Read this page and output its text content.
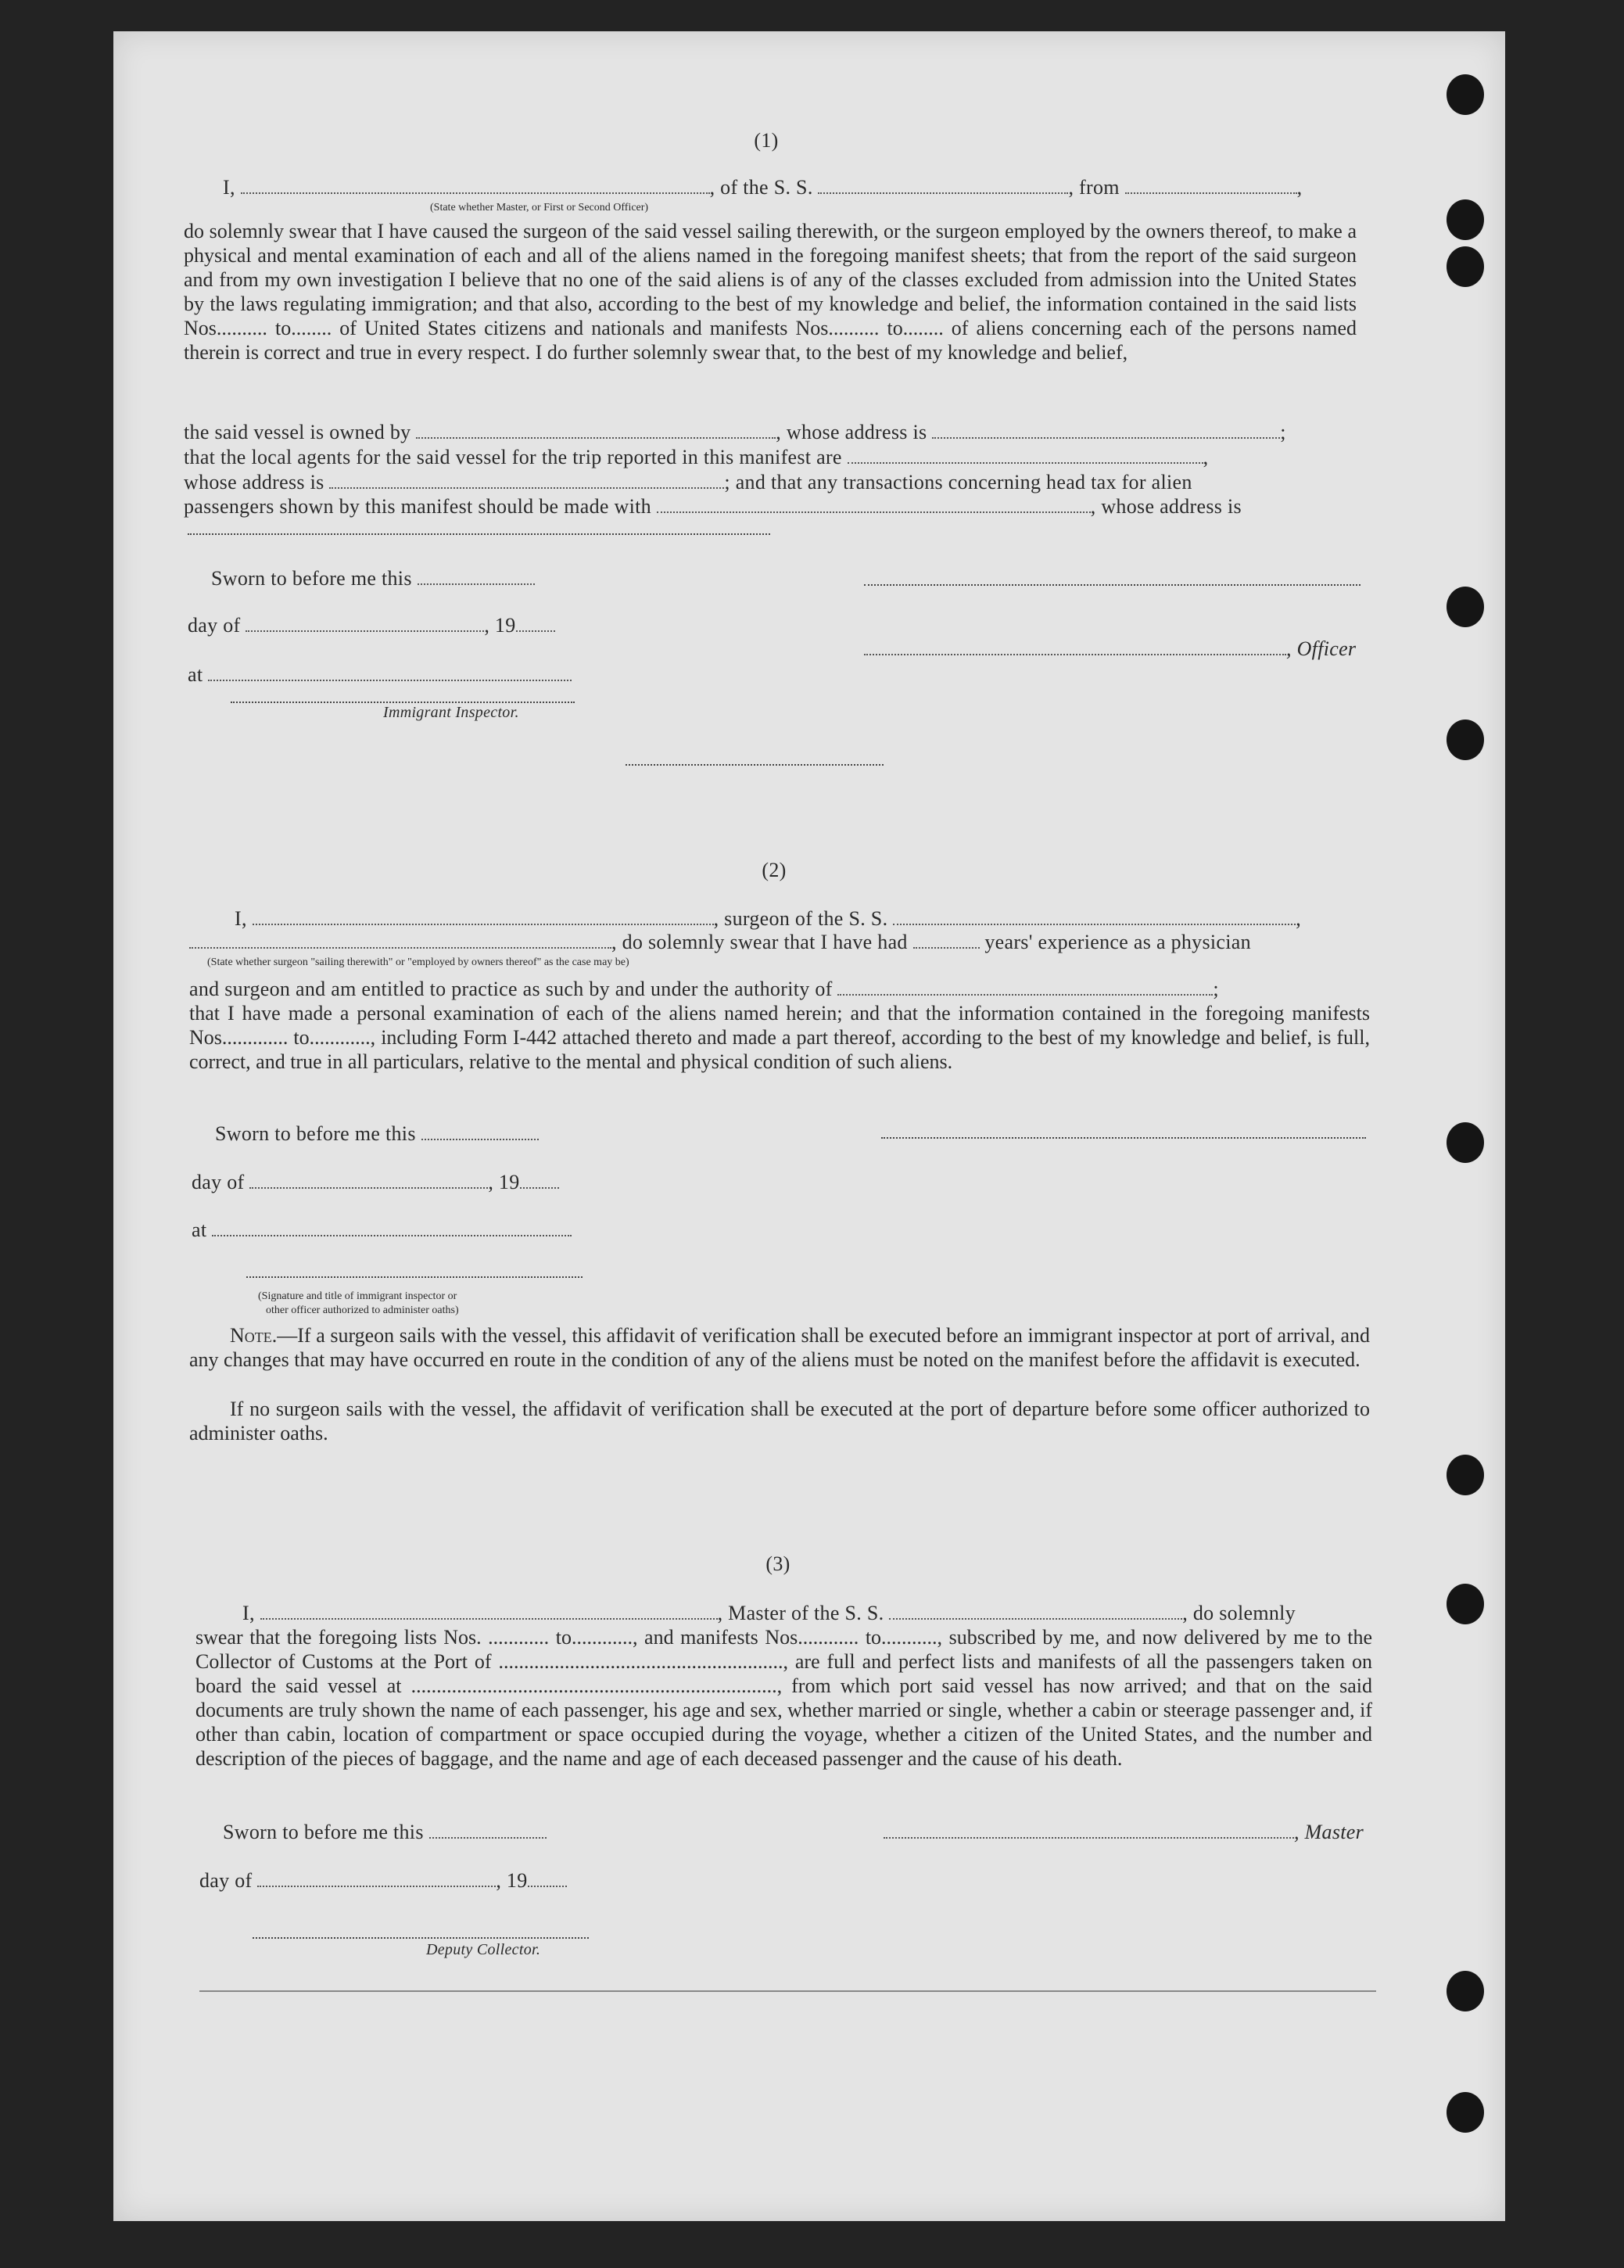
(1)
I,	, of the S. S.	, from	,
(State whether Master, or First or Second Officer)
do solemnly swear that I have caused the surgeon of the said vessel sailing therewith, or the surgeon employed by the owners thereof, to make a physical and mental examination of each and all of the aliens named in the foregoing manifest sheets; that from the report of the said surgeon and from my own investigation I believe that no one of the said aliens is of any of the classes excluded from admission into the United States by the laws regulating immigration; and that also, according to the best of my knowledge and belief, the information contained in the said lists Nos.......... to........ of United States citizens and nationals and manifests Nos.......... to........ of aliens concerning each of the persons named therein is correct and true in every respect. I do further solemnly swear that, to the best of my knowledge and belief,
the said vessel is owned by	, whose address is	;
that the local agents for the said vessel for the trip reported in this manifest are	,
whose address is	; and that any transactions concerning head tax for alien
passengers shown by this manifest should be made with	, whose address is
Sworn to before me this
day of	, 19
, Officer
at
Immigrant Inspector.
(2)
I,	, surgeon of the S. S.	,
, do solemnly swear that I have had	years' experience as a physician
(State whether surgeon "sailing therewith" or "employed by owners thereof" as the case may be)
and surgeon and am entitled to practice as such by and under the authority of	;
that I have made a personal examination of each of the aliens named herein; and that the information contained in the foregoing manifests Nos............. to............, including Form I-442 attached thereto and made a part thereof, according to the best of my knowledge and belief, is full, correct, and true in all particulars, relative to the mental and physical condition of such aliens.
Sworn to before me this
day of	, 19
at
(Signature and title of immigrant inspector or
other officer authorized to administer oaths)
Note.—If a surgeon sails with the vessel, this affidavit of verification shall be executed before an immigrant inspector at port of arrival, and any changes that may have occurred en route in the condition of any of the aliens must be noted on the manifest before the affidavit is executed.
If no surgeon sails with the vessel, the affidavit of verification shall be executed at the port of departure before some officer authorized to administer oaths.
(3)
I,	, Master of the S. S.	, do solemnly
swear that the foregoing lists Nos. ............ to............, and manifests Nos............ to..........., subscribed by me, and now delivered by me to the Collector of Customs at the Port of ........................................................, are full and perfect lists and manifests of all the passengers taken on board the said vessel at ........................................................................, from which port said vessel has now arrived; and that on the said documents are truly shown the name of each passenger, his age and sex, whether married or single, whether a cabin or steerage passenger and, if other than cabin, location of compartment or space occupied during the voyage, whether a citizen of the United States, and the number and description of the pieces of baggage, and the name and age of each deceased passenger and the cause of his death.
Sworn to before me this	, Master
day of	, 19
Deputy Collector.
